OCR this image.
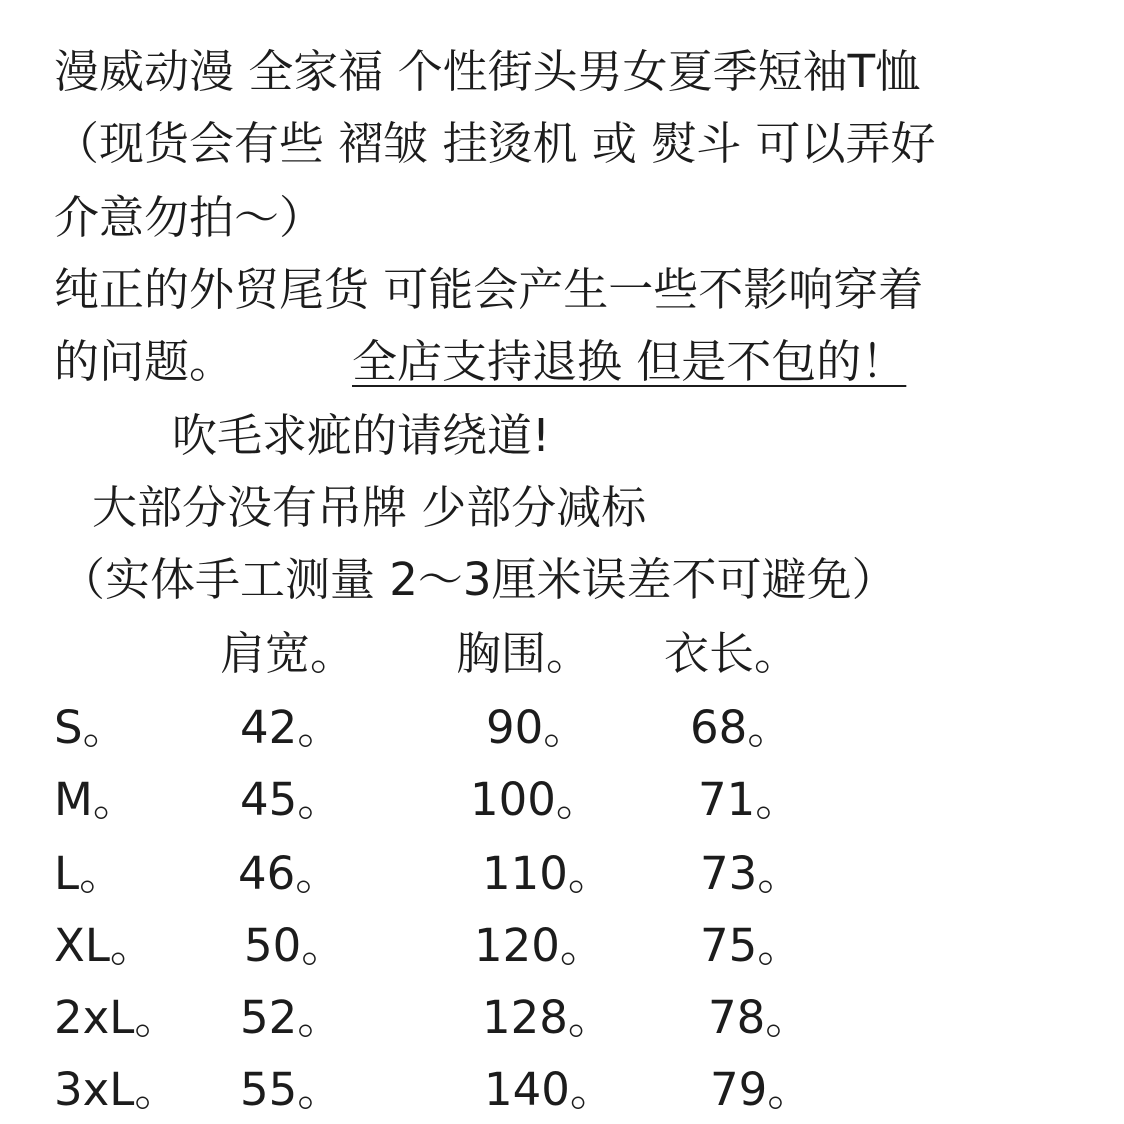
漫威动漫 全家福 个性街头男女夏季短袖T恤
（现货会有些 褶皱 挂烫机 或 熨斗 可以弄好
介意勿拍～）
纯正的外贸尾货 可能会产生一些不影响穿着
的问题。	全店支持退换 但是不包的！
吹毛求疵的请绕道!
大部分没有吊牌 少部分减标
（实体手工测量 2～3厘米误差不可避免）
肩宽。 胸围。 衣长。
S。 42。	90。 68。
M。 45。	100。 71。
L。	46。	110。 73。
XL。 50。	120。 75。
2xL。 52。	128。 78。
3xL。 55。	140。 79。
